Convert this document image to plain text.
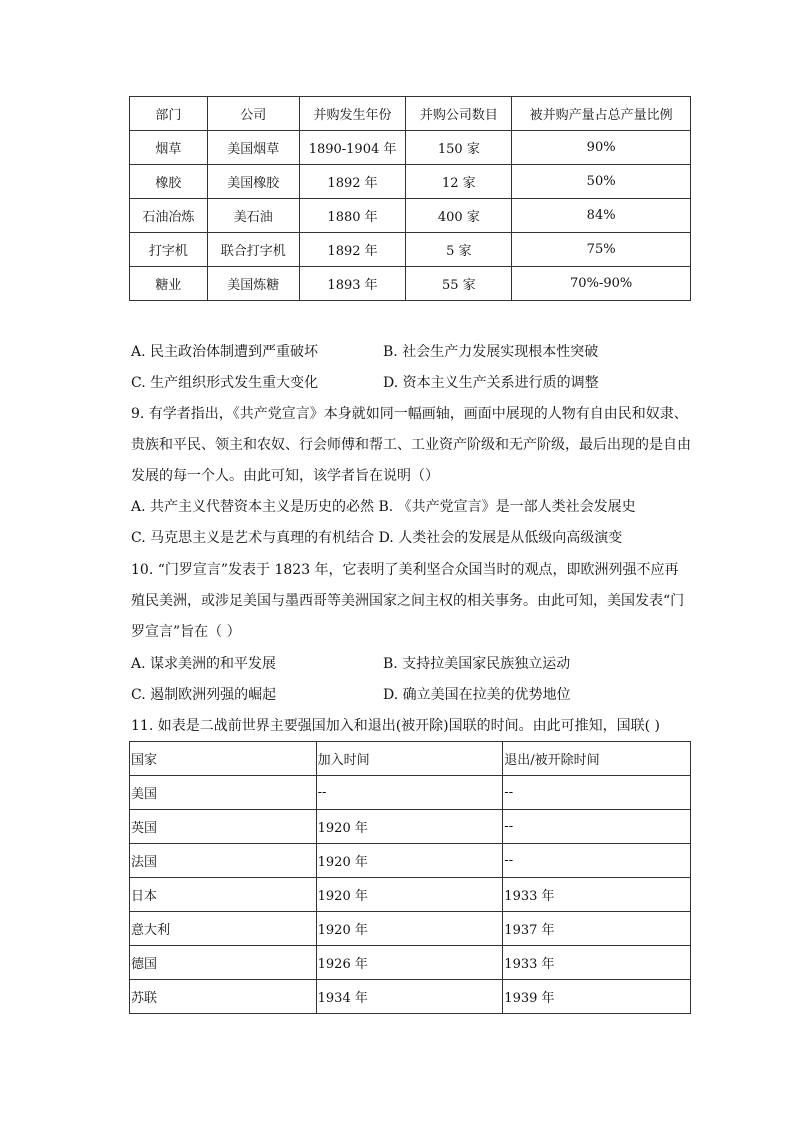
部门	公司	并购发生年份	并购公司数目	被并购产量占总产量比例
烟草	美国烟草	1890-1904 年	150 家	90%
橡胶	美国橡胶	1892 年	12 家	50%
石油冶炼	美石油	1880 年	400 家	84%
打字机	联合打字机	1892 年	5 家	75%
糖业	美国炼糖	1893 年	55 家	70%-90%
A. 民主政治体制遭到严重破坏	B. 社会生产力发展实现根本性突破
C. 生产组织形式发生重大变化	D. 资本主义生产关系进行质的调整
9. 有学者指出，《共产党宣言》本身就如同一幅画轴，画面中展现的人物有自由民和奴隶、
贵族和平民、领主和农奴、行会师傅和帮工、工业资产阶级和无产阶级，最后出现的是自由
发展的每一个人。由此可知，该学者旨在说明（）
A. 共产主义代替资本主义是历史的必然 B. 《共产党宣言》是一部人类社会发展史
C. 马克思主义是艺术与真理的有机结合 D. 人类社会的发展是从低级向高级演变
10. “门罗宣言”发表于 1823 年，它表明了美利坚合众国当时的观点，即欧洲列强不应再
殖民美洲，或涉足美国与墨西哥等美洲国家之间主权的相关事务。由此可知，美国发表“门
罗宣言”旨在（ ）
A. 谋求美洲的和平发展	B. 支持拉美国家民族独立运动
C. 遏制欧洲列强的崛起	D. 确立美国在拉美的优势地位
11. 如表是二战前世界主要强国加入和退出(被开除)国联的时间。由此可推知，国联( )
国家	加入时间	退出/被开除时间
美国	--	--
英国	1920 年	--
法国	1920 年	--
日本	1920 年	1933 年
意大利	1920 年	1937 年
德国	1926 年	1933 年
苏联	1934 年	1939 年
